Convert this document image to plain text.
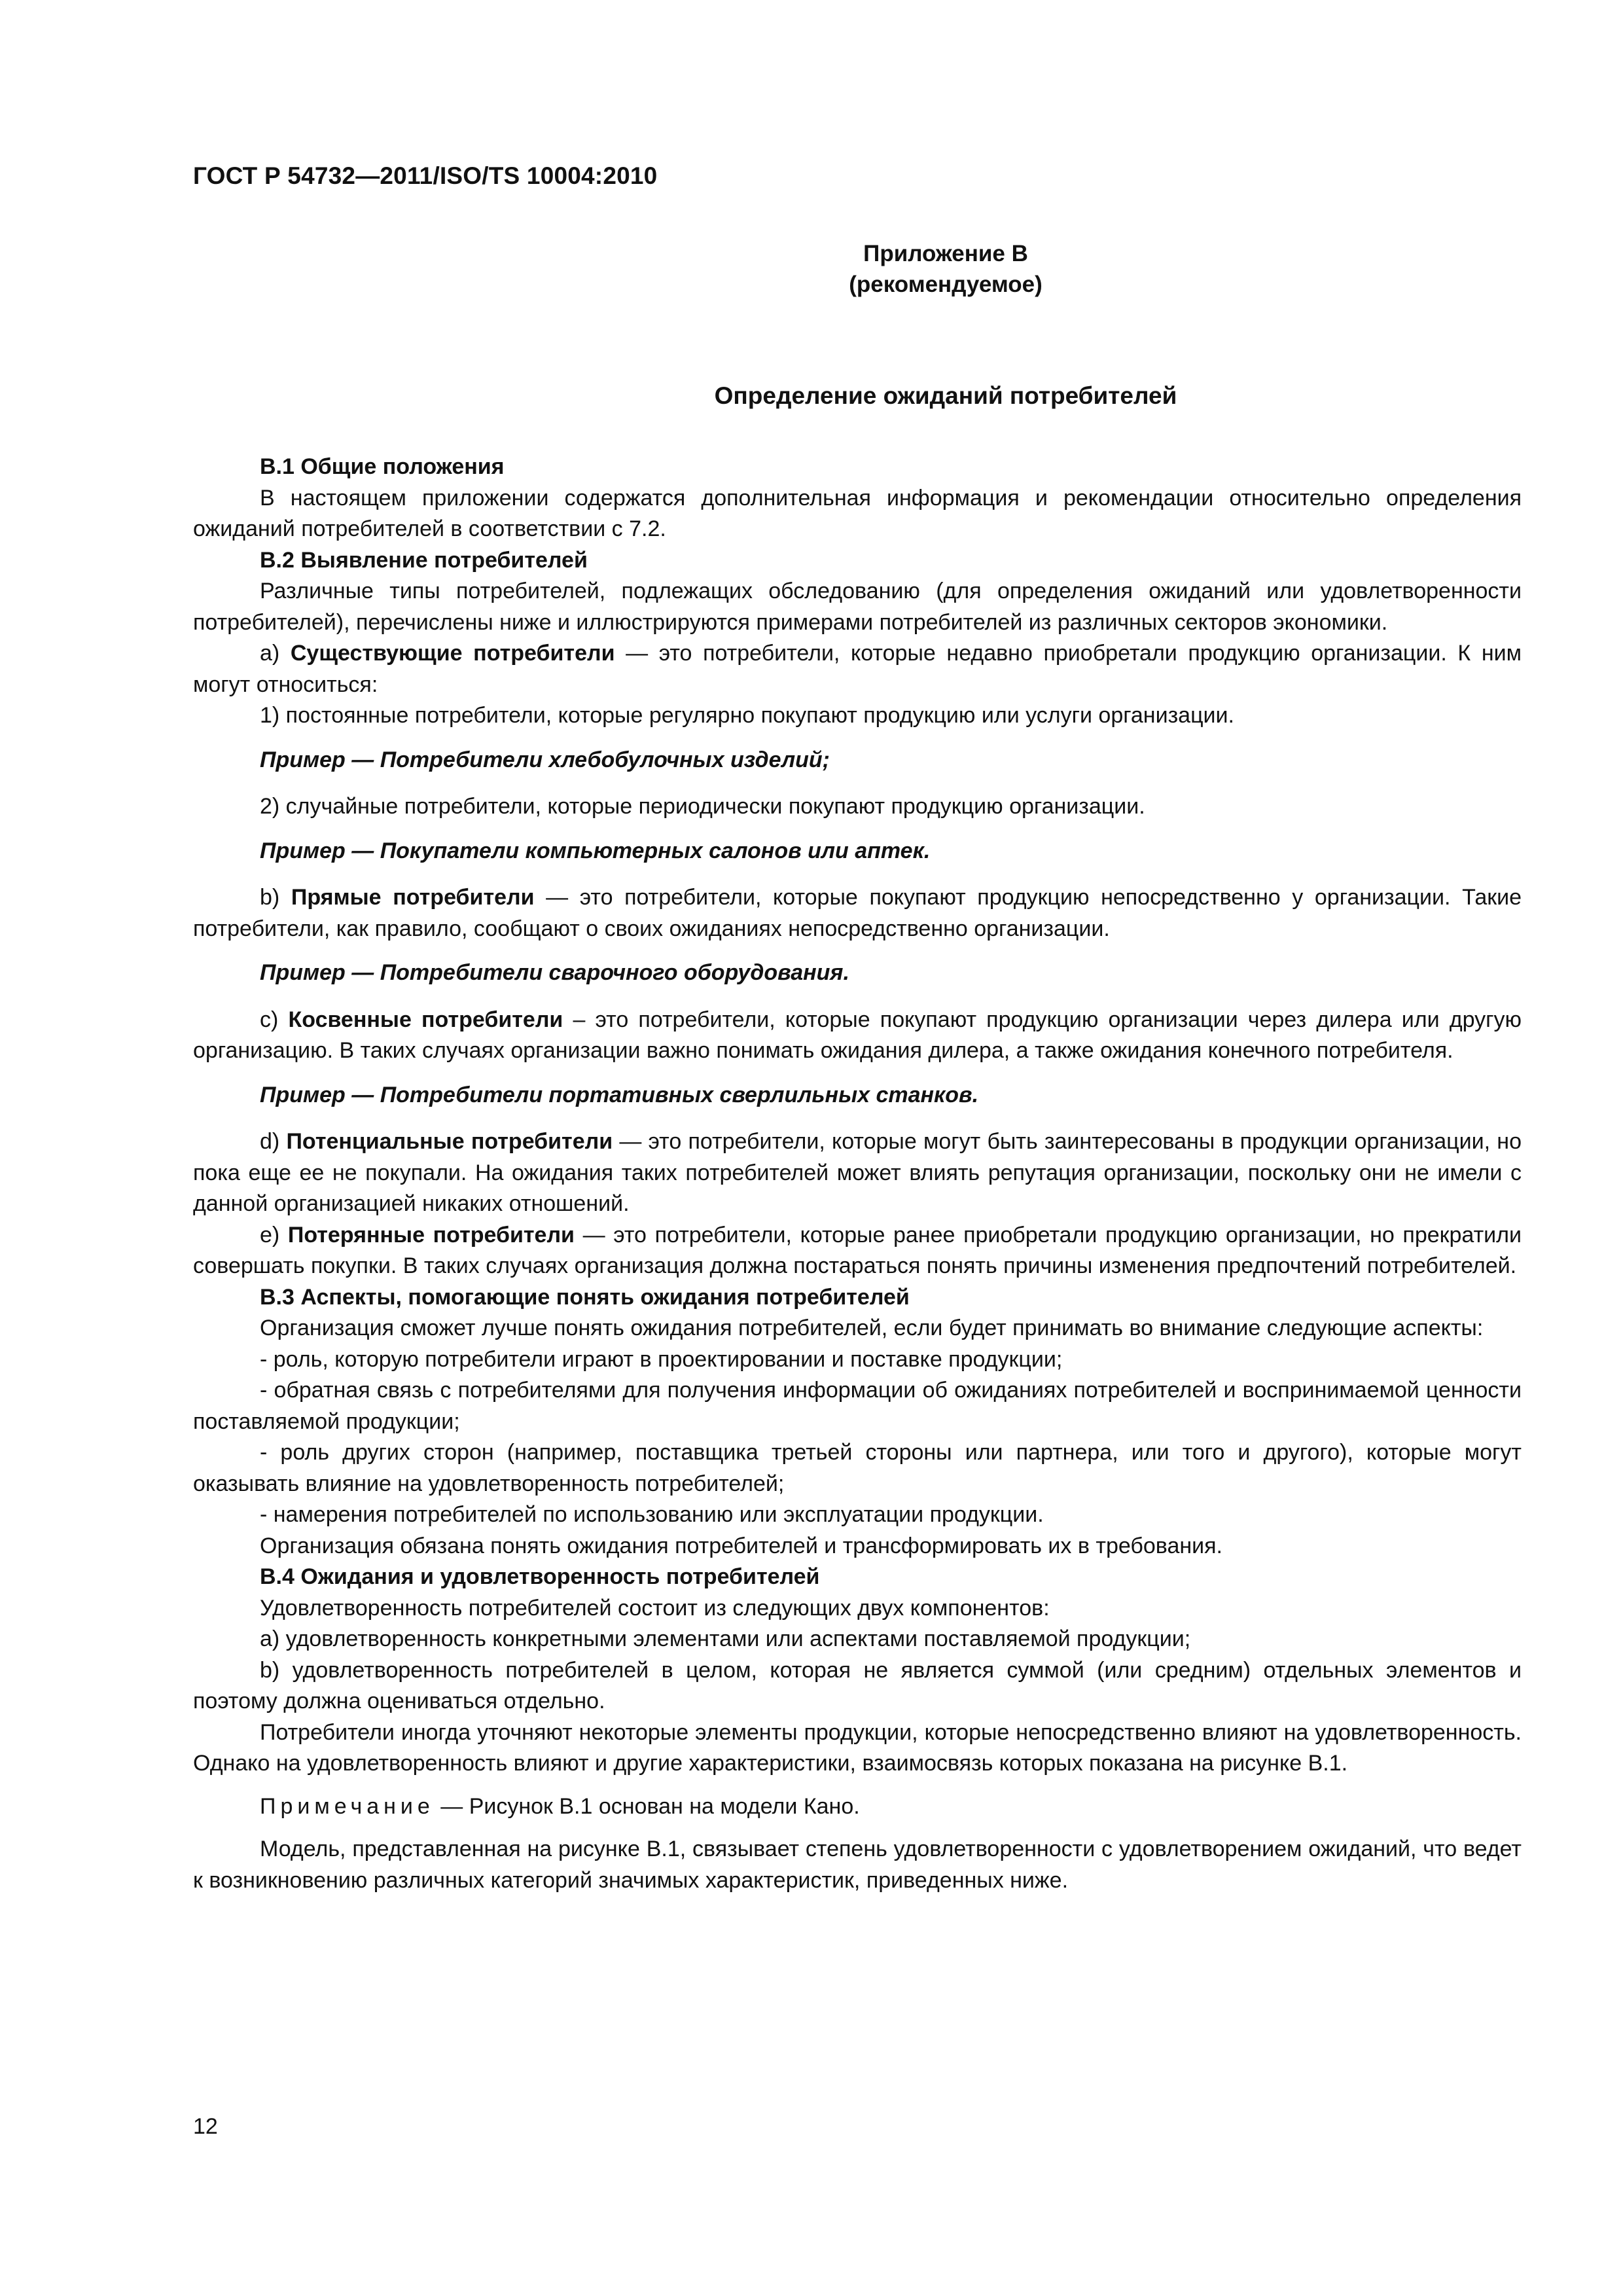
ГОСТ Р 54732—2011/ISO/TS 10004:2010
Приложение В
(рекомендуемое)
Определение ожиданий потребителей

В.1 Общие положения

В настоящем приложении содержатся дополнительная информация и рекомендации относительно определения ожиданий потребителей в соответствии с 7.2.

В.2 Выявление потребителей

Различные типы потребителей, подлежащих обследованию (для определения ожиданий или удовлетворенности потребителей), перечислены ниже и иллюстрируются примерами потребителей из различных секторов экономики.

а) Существующие потребители — это потребители, которые недавно приобретали продукцию организации. К ним могут относиться:

1) постоянные потребители, которые регулярно покупают продукцию или услуги организации.

Пример — Потребители хлебобулочных изделий;

2) случайные потребители, которые периодически покупают продукцию организации.

Пример — Покупатели компьютерных салонов или аптек.

b) Прямые потребители — это потребители, которые покупают продукцию непосредственно у организации. Такие потребители, как правило, сообщают о своих ожиданиях непосредственно организации.

Пример — Потребители сварочного оборудования.

с) Косвенные потребители – это потребители, которые покупают продукцию организации через дилера или другую организацию. В таких случаях организации важно понимать ожидания дилера, а также ожидания конечного потребителя.

Пример — Потребители портативных сверлильных станков.

d) Потенциальные потребители — это потребители, которые могут быть заинтересованы в продукции организации, но пока еще ее не покупали. На ожидания таких потребителей может влиять репутация организации, поскольку они не имели с данной организацией никаких отношений.

е) Потерянные потребители — это потребители, которые ранее приобретали продукцию организации, но прекратили совершать покупки. В таких случаях организация должна постараться понять причины изменения предпочтений потребителей.

В.3 Аспекты, помогающие понять ожидания потребителей

Организация сможет лучше понять ожидания потребителей, если будет принимать во внимание следующие аспекты:

- роль, которую потребители играют в проектировании и поставке продукции;

- обратная связь с потребителями для получения информации об ожиданиях потребителей и воспринимаемой ценности поставляемой продукции;

- роль других сторон (например, поставщика третьей стороны или партнера, или того и другого), которые могут оказывать влияние на удовлетворенность потребителей;

- намерения потребителей по использованию или эксплуатации продукции.

Организация обязана понять ожидания потребителей и трансформировать их в требования.

В.4 Ожидания и удовлетворенность потребителей

Удовлетворенность потребителей состоит из следующих двух компонентов:

а) удовлетворенность конкретными элементами или аспектами поставляемой продукции;

b) удовлетворенность потребителей в целом, которая не является суммой (или средним) отдельных элементов и поэтому должна оцениваться отдельно.

Потребители иногда уточняют некоторые элементы продукции, которые непосредственно влияют на удовлетворенность. Однако на удовлетворенность влияют и другие характеристики, взаимосвязь которых показана на рисунке В.1.

Примечание — Рисунок В.1 основан на модели Кано.

Модель, представленная на рисунке В.1, связывает степень удовлетворенности с удовлетворением ожиданий, что ведет к возникновению различных категорий значимых характеристик, приведенных ниже.

12
